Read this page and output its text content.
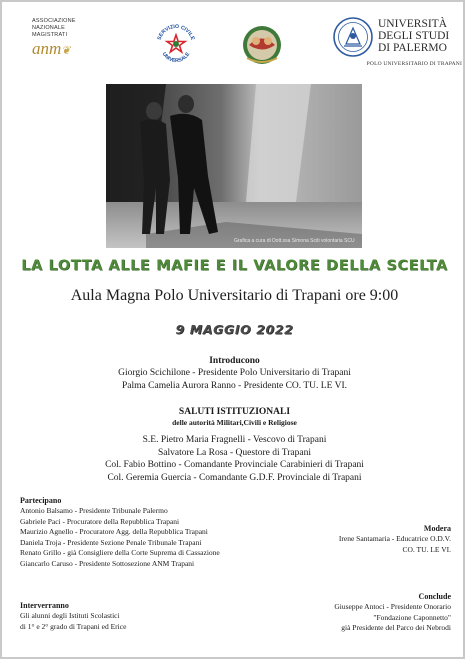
ASSOCIAZIONE
NAZIONALE
MAGISTRATI
anm❦
SERVIZIO CIVILE
UNIVERSALE
UNIVERSITÀ
DEGLI STUDI
DI PALERMO
POLO UNIVERSITARIO DI TRAPANI
Grafica a cura di Dott.ssa Simona Sciti volontaria SCU
LA LOTTA ALLE MAFIE E IL VALORE DELLA SCELTA
Aula Magna Polo Universitario di Trapani ore 9:00
9 MAGGIO 2022
Introducono
Giorgio Scichilone - Presidente Polo Universitario di Trapani
Palma Camelia Aurora Ranno - Presidente CO. TU. LE VI.
SALUTI ISTITUZIONALI
delle autorità Militari,Civili e Religiose
S.E. Pietro Maria Fragnelli - Vescovo di Trapani
Salvatore La Rosa - Questore di Trapani
Col. Fabio Bottino - Comandante Provinciale Carabinieri di Trapani
Col. Geremia Guercia - Comandante G.D.F. Provinciale di Trapani
Partecipano
Antonio Balsamo - Presidente Tribunale Palermo
Gabriele Paci - Procuratore della Repubblica Trapani
Maurizio Agnello - Procuratore Agg. della Repubblica Trapani
Daniela Troja - Presidente Sezione Penale Tribunale Trapani
Renato Grillo - già Consigliere della Corte Suprema di Cassazione
Giancarlo Caruso - Presidente Sottosezione ANM Trapani
Modera
Irene Santamaria - Educatrice O.D.V.
CO. TU. LE VI.
Interverranno
Gli alunni degli Istituti Scolastici
di 1° e 2° grado di Trapani ed Erice
Conclude
Giuseppe Antoci - Presidente Onorario
"Fondazione Caponnetto"
già Presidente del Parco dei Nebrodi
